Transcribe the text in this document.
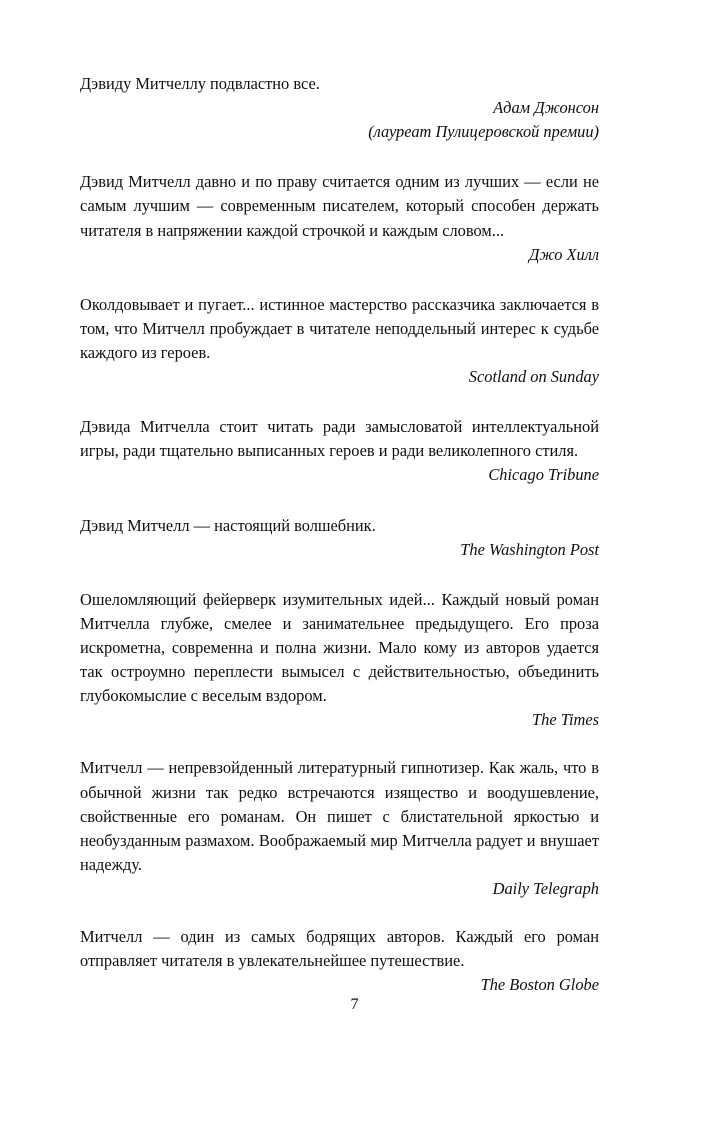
Дэвиду Митчеллу подвластно все.

Адам Джонсон

(лауреат Пулицеровской премии)

Дэвид Митчелл давно и по праву считается одним из лучших — если не самым лучшим — современным писателем, который способен держать читателя в напряжении каждой строчкой и каждым словом...

Джо Хилл

Околдовывает и пугает... истинное мастерство рассказчика заключается в том, что Митчелл пробуждает в читателе неподдельный интерес к судьбе каждого из героев.

Scotland on Sunday

Дэвида Митчелла стоит читать ради замысловатой интеллектуальной игры, ради тщательно выписанных героев и ради великолепного стиля.

Chicago Tribune

Дэвид Митчелл — настоящий волшебник.

The Washington Post

Ошеломляющий фейерверк изумительных идей... Каждый новый роман Митчелла глубже, смелее и занимательнее предыдущего. Его проза искрометна, современна и полна жизни. Мало кому из авторов удается так остроумно переплести вымысел с действительностью, объединить глубокомыслие с веселым вздором.

The Times

Митчелл — непревзойденный литературный гипнотизер. Как жаль, что в обычной жизни так редко встречаются изящество и воодушевление, свойственные его романам. Он пишет с блистательной яркостью и необузданным размахом. Воображаемый мир Митчелла радует и внушает надежду.

Daily Telegraph

Митчелл — один из самых бодрящих авторов. Каждый его роман отправляет читателя в увлекательнейшее путешествие.

The Boston Globe

7
